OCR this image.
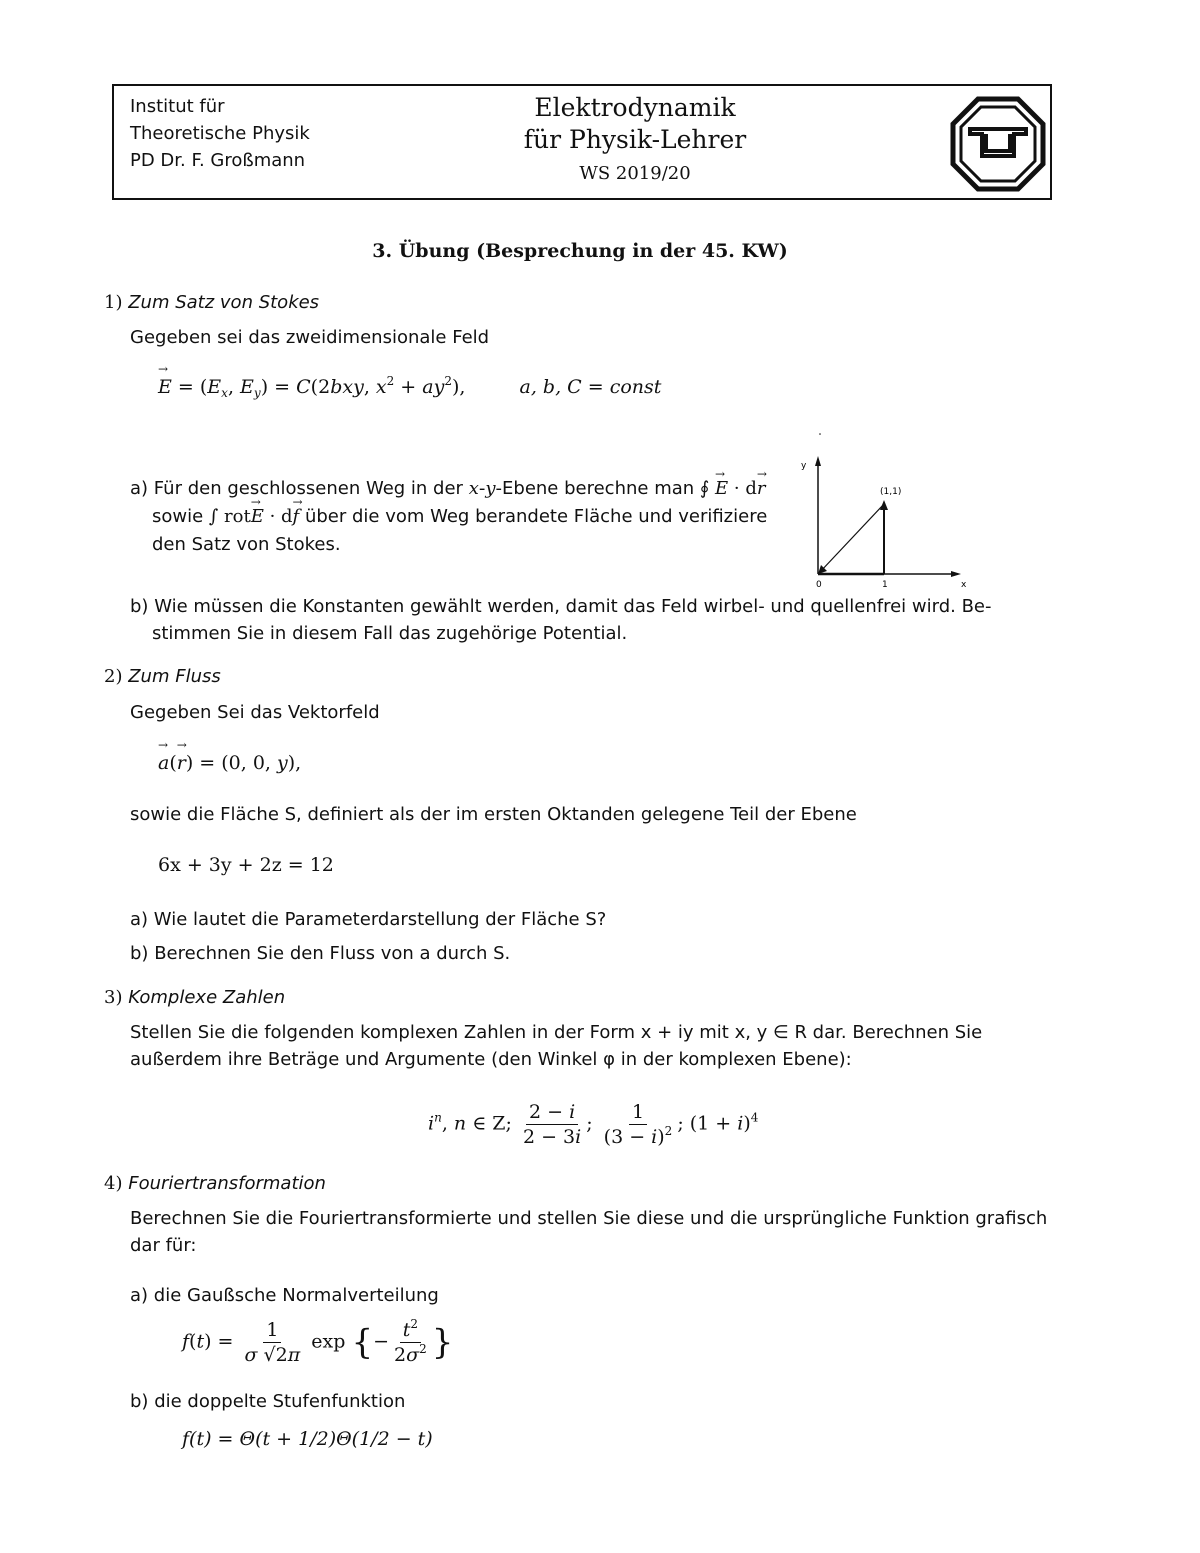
Institut für
Theoretische Physik
PD Dr. F. Großmann
Elektrodynamik
für Physik-Lehrer
WS 2019/20
3. Übung (Besprechung in der 45. KW)
1) Zum Satz von Stokes
Gegeben sei das zweidimensionale Feld
→ $E = (E_x$, $E_y) = C(2bxy$, $x^2 + ay^2$),	a, b, C = const
a) Für den geschlossenen Weg in der x-y-Ebene berechne man ∮ → E · d→ r
sowie ∫ rot→ E · d→ f über die vom Weg berandete Fläche und verifiziere
den Satz von Stokes.
y
x
0	1
(1,1)
b) Wie müssen die Konstanten gewählt werden, damit das Feld wirbel- und quellenfrei wird. Be-
stimmen Sie in diesem Fall das zugehörige Potential.
2) Zum Fluss
Gegeben Sei das Vektorfeld
→ a(→ r) = (0, 0, y),
sowie die Fläche S, definiert als der im ersten Oktanden gelegene Teil der Ebene
6x + 3y + 2z = 12
a) Wie lautet die Parameterdarstellung der Fläche S?
b) Berechnen Sie den Fluss von a durch S.
3) Komplexe Zahlen
Stellen Sie die folgenden komplexen Zahlen in der Form x + iy mit x, y ∈ R dar. Berechnen Sie
außerdem ihre Beträge und Argumente (den Winkel φ in der komplexen Ebene):
$i^n$, n ∈ Z; $\frac{2 - i}{2 - 3i}$ ; $\frac{1}{(3 - i)^2}$ ; $(1 + i)^4$
4) Fouriertransformation
Berechnen Sie die Fouriertransformierte und stellen Sie diese und die ursprüngliche Funktion grafisch
dar für:
a) die Gaußsche Normalverteilung
$f(t) = \frac{1}{\sigma √2\pi}$ exp {− $\frac{t^2}{2\sigma^2}$ }
b) die doppelte Stufenfunktion
f(t) = Θ(t + 1/2)Θ(1/2 − t)
